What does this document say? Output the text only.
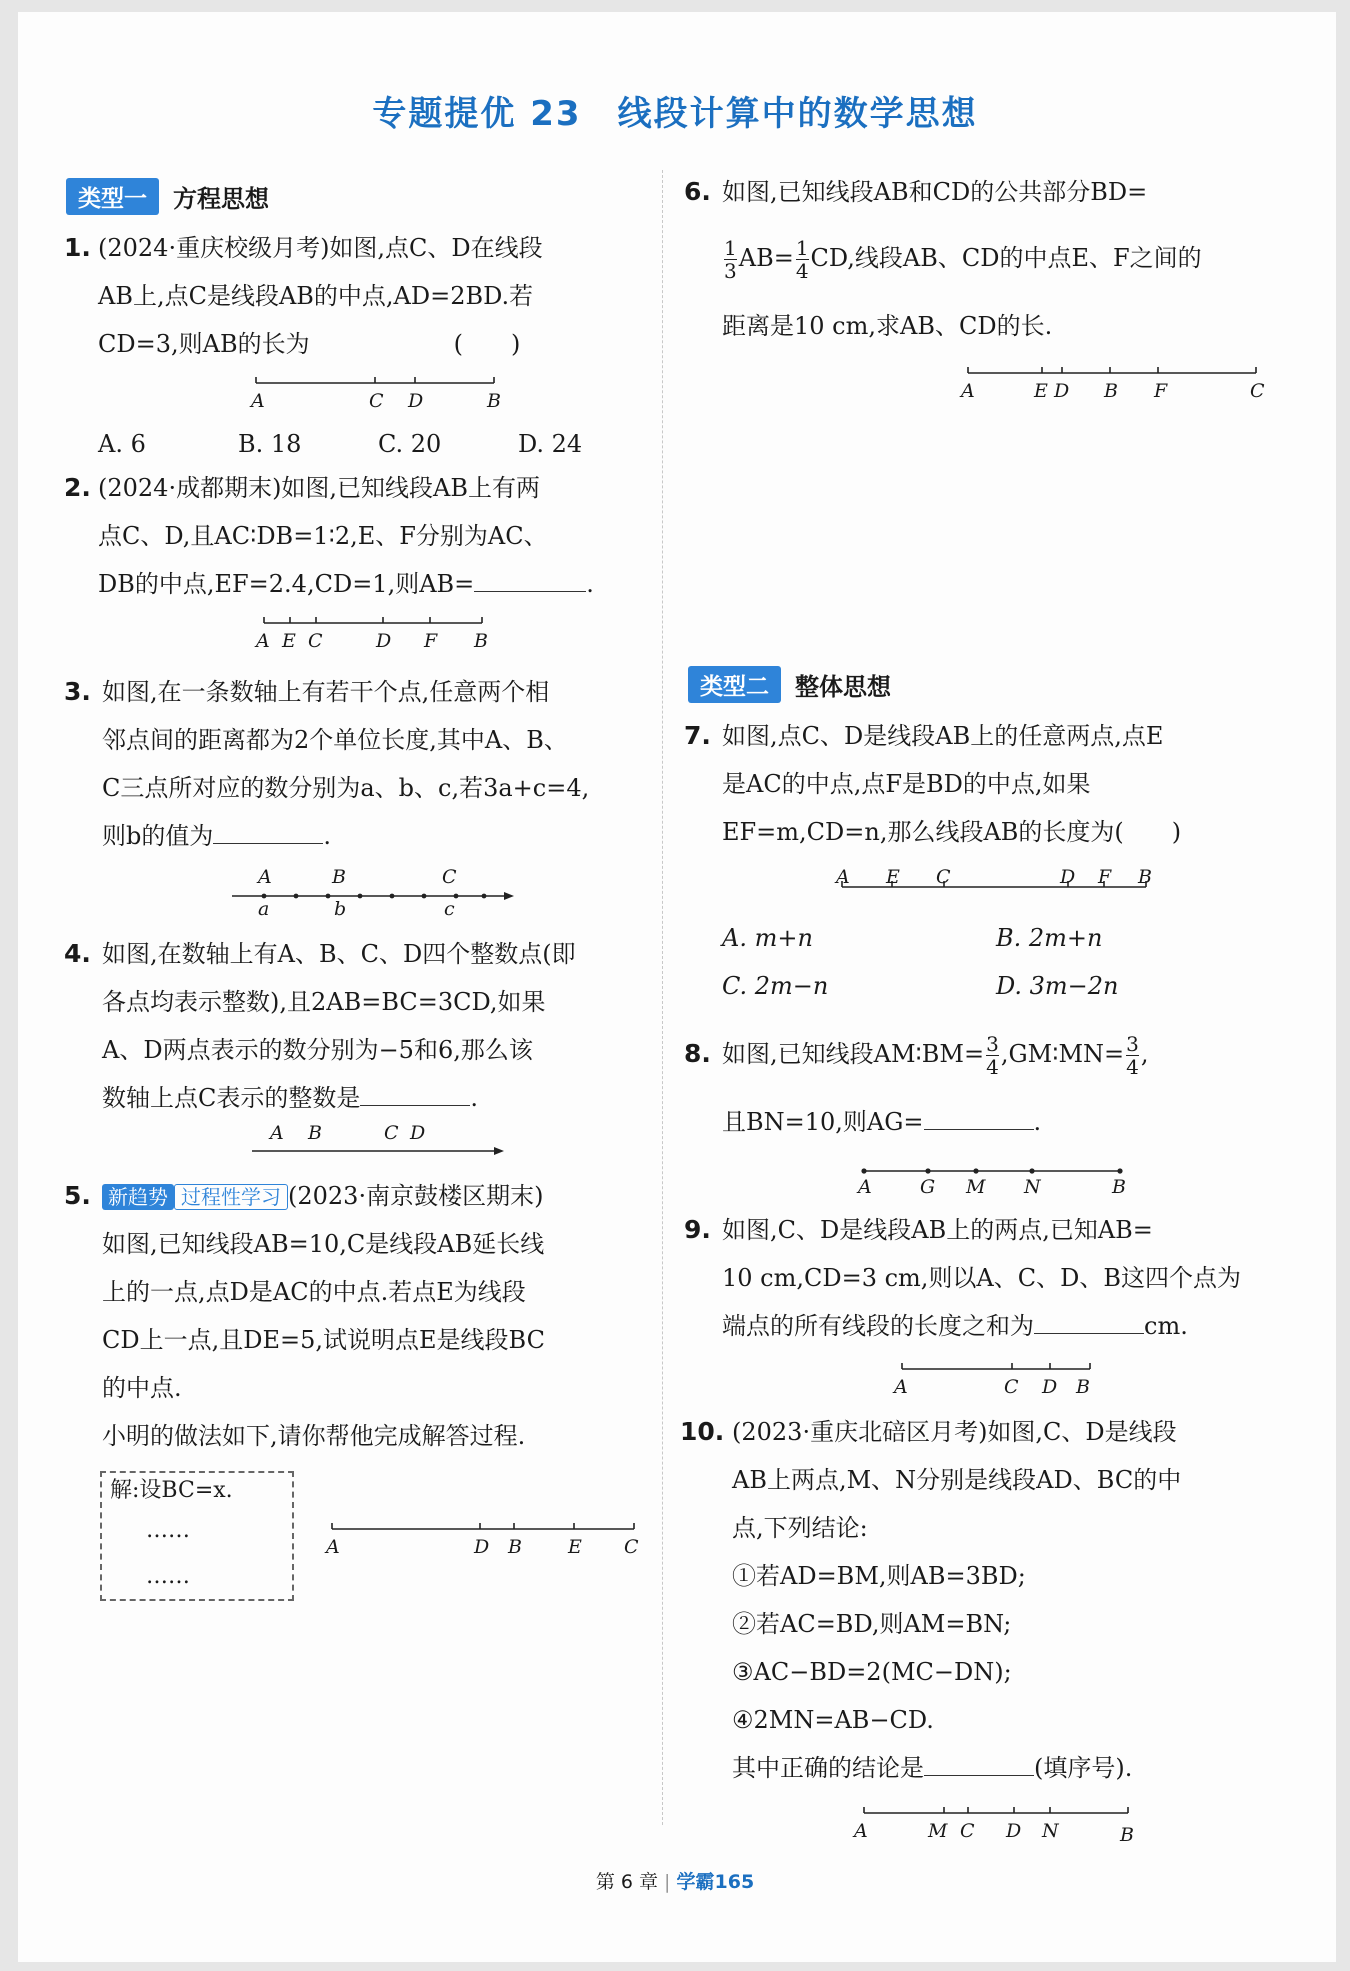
专题提优 23　线段计算中的数学思想
类型一	方程思想
1. (2024·重庆校级月考)如图,点C、D在线段
AB上,点C是线段AB的中点,AD=2BD.若
CD=3,则AB的长为　　　　　　(　　)
A	C D	B
A. 6	B. 18	C. 20	D. 24
2. (2024·成都期末)如图,已知线段AB上有两
点C、D,且AC∶DB=1∶2,E、F分别为AC、
DB的中点,EF=2.4,CD=1,则AB=	.
A E C	D F B
3. 如图,在一条数轴上有若干个点,任意两个相
邻点间的距离都为2个单位长度,其中A、B、
C三点所对应的数分别为a、b、c,若3a+c=4,
则b的值为	.
A	B	C
a	b	c
4. 如图,在数轴上有A、B、C、D四个整数点(即
各点均表示整数),且2AB=BC=3CD,如果
A、D两点表示的数分别为−5和6,那么该
数轴上点C表示的整数是	.
A B	C D
5. 新趋势 过程性学习 (2023·南京鼓楼区期末)
如图,已知线段AB=10,C是线段AB延长线
上的一点,点D是AC的中点.若点E为线段
CD上一点,且DE=5,试说明点E是线段BC
的中点.
小明的做法如下,请你帮他完成解答过程.
解:设BC=x.
……
……
A	D B E C
6. 如图,已知线段AB和CD的公共部分BD=
$\frac{1}{3} AB= \frac{1}{4}$ CD,线段AB、CD的中点E、F之间的
距离是10 cm,求AB、CD的长.
A	E D B F	C
类型二	整体思想
7. 如图,点C、D是线段AB上的任意两点,点E
是AC的中点,点F是BD的中点,如果
EF=m,CD=n,那么线段AB的长度为(　　)
A E C	D F B
A. m+n	B. 2m+n
C. 2m−n	D. 3m−2n
8. 如图,已知线段AM∶BM= $\frac{3}{4}$ ,GM∶MN= $\frac{3}{4}$ ,
且BN=10,则AG=	.
A	G M N	B
9. 如图,C、D是线段AB上的两点,已知AB=
10 cm,CD=3 cm,则以A、C、D、B这四个点为
端点的所有线段的长度之和为	cm.
A	C D B
10. (2023·重庆北碚区月考)如图,C、D是线段
AB上两点,M、N分别是线段AD、BC的中
点,下列结论:
①若AD=BM,则AB=3BD;
②若AC=BD,则AM=BN;
③AC−BD=2(MC−DN);
④2MN=AB−CD.
其中正确的结论是	(填序号).
A	M C D N	B
第 6 章 | 学霸165
